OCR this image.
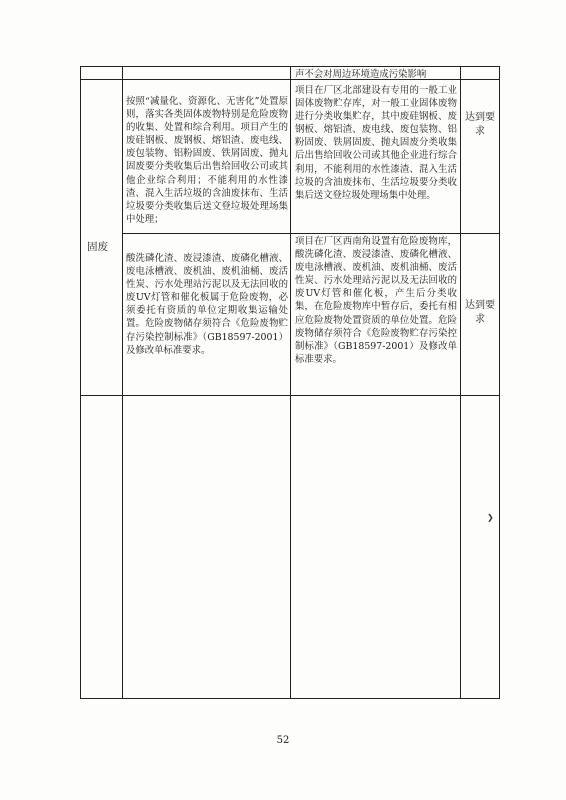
声不会对周边环境造成污染影响
固废
按照“减量化、资源化、无害化”处置原则，落实各类固体废物特别是危险废物的收集、处置和综合利用。项目产生的废硅钢板、废钢板、熔铝渣、废电线、废包装物、铝粉固废、铁屑固废、抛丸固废要分类收集后出售给回收公司或其他企业综合利用；不能利用的水性漆渣、混入生活垃圾的含油废抹布、生活垃圾要分类收集后送文登垃圾处理场集中处理；
项目在厂区北部建设有专用的一般工业固体废物贮存库，对一般工业固体废物进行分类收集贮存，其中废硅钢板、废钢板、熔铝渣、废电线、废包装物、铝粉固废、铁屑固废、抛丸固废分类收集后出售给回收公司或其他企业进行综合利用，不能利用的水性漆渣、混入生活垃圾的含油废抹布、生活垃圾要分类收集后送文登垃圾处理场集中处理。
达到要求
酸洗磷化渣、废浸漆渣、废磷化槽液、废电泳槽液、废机油、废机油桶、废活性炭、污水处理站污泥以及无法回收的废UV灯管和催化板属于危险废物，必须委托有资质的单位定期收集运输处置。危险废物储存须符合《危险废物贮存污染控制标准》（GB18597-2001）及修改单标准要求。
项目在厂区西南角设置有危险废物库，酸洗磷化渣、废浸漆渣、废磷化槽液、废电泳槽液、废机油、废机油桶、废活性炭、污水处理站污泥以及无法回收的废UV灯管和催化板，产生后分类收集，在危险废物库中暂存后，委托有相应危险废物处置资质的单位处置。危险废物储存须符合《危险废物贮存污染控制标准》（GB18597-2001）及修改单标准要求。
达到要求
❯
52
